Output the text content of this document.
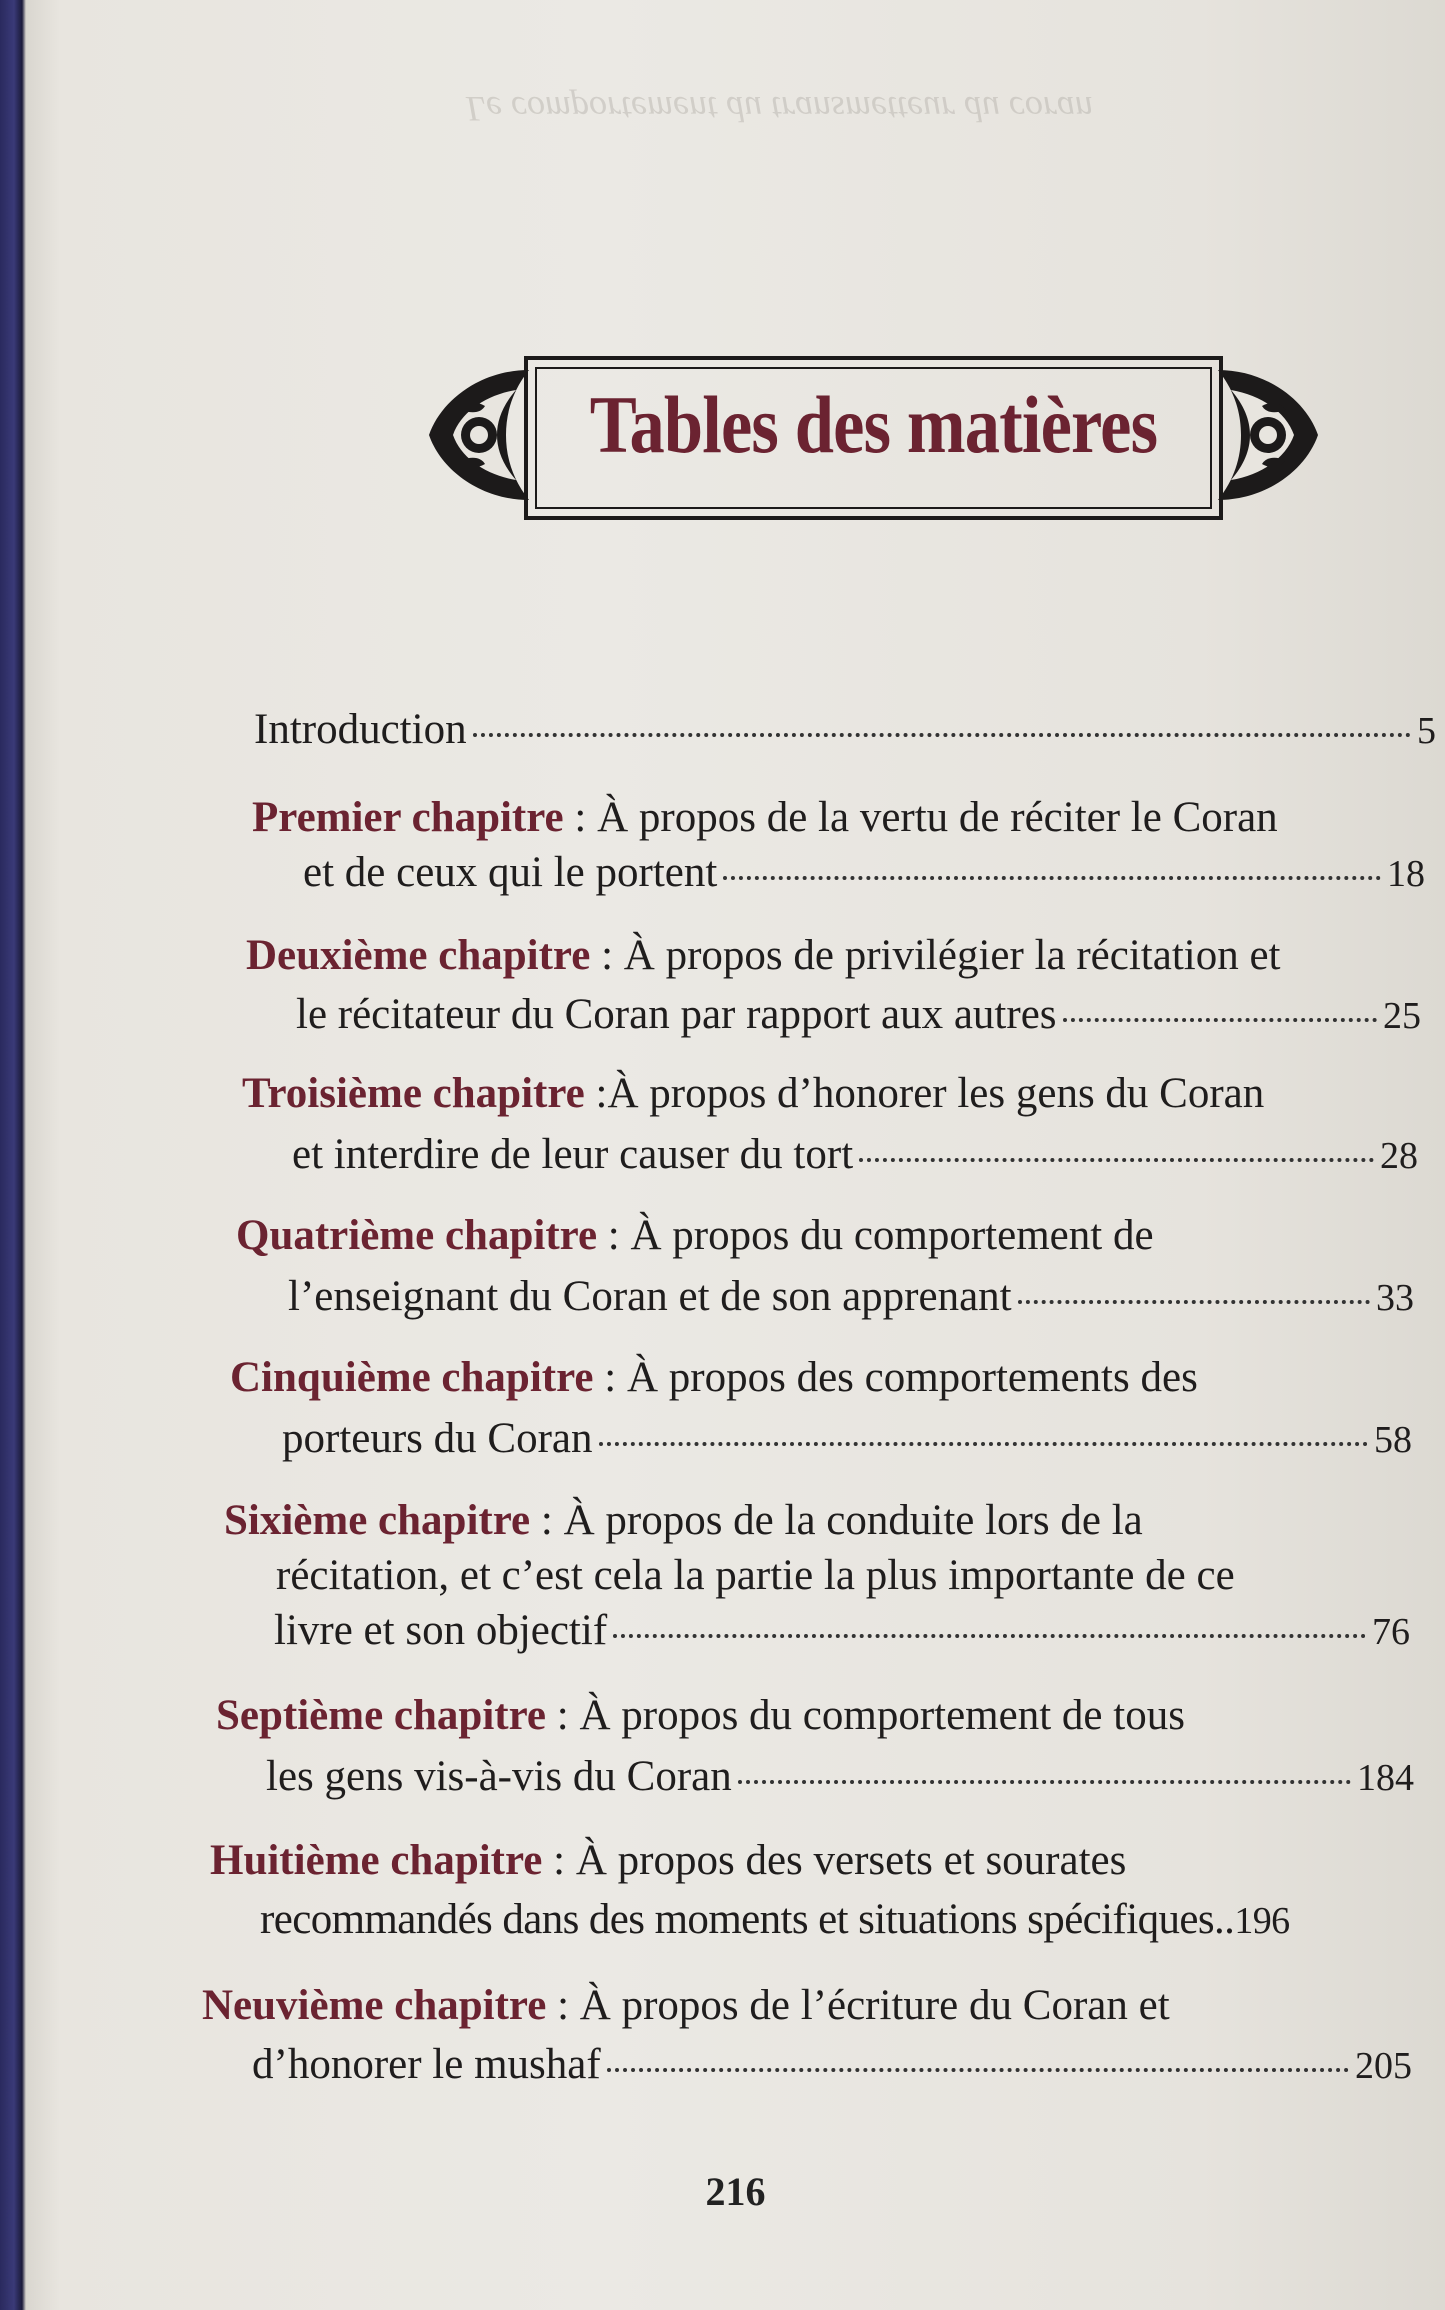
Le comportement du transmetteur du coran
Tables des matières
Introduction	5
Premier chapitre : À propos de la vertu de réciter le Coran
et de ceux qui le portent	18
Deuxième chapitre : À propos de privilégier la récitation et
le récitateur du Coran par rapport aux autres	25
Troisième chapitre :À propos d’honorer les gens du Coran
et interdire de leur causer du tort	28
Quatrième chapitre : À propos du comportement de
l’enseignant du Coran et de son apprenant	33
Cinquième chapitre : À propos des comportements des
porteurs du Coran	58
Sixième chapitre : À propos de la conduite lors de la
récitation, et c’est cela la partie la plus importante de ce
livre et son objectif	76
Septième chapitre : À propos du comportement de tous
les gens vis-à-vis du Coran	184
Huitième chapitre : À propos des versets et sourates
recommandés dans des moments et situations spécifiques.. 196
Neuvième chapitre : À propos de l’écriture du Coran et
d’honorer le mushaf	205
216
